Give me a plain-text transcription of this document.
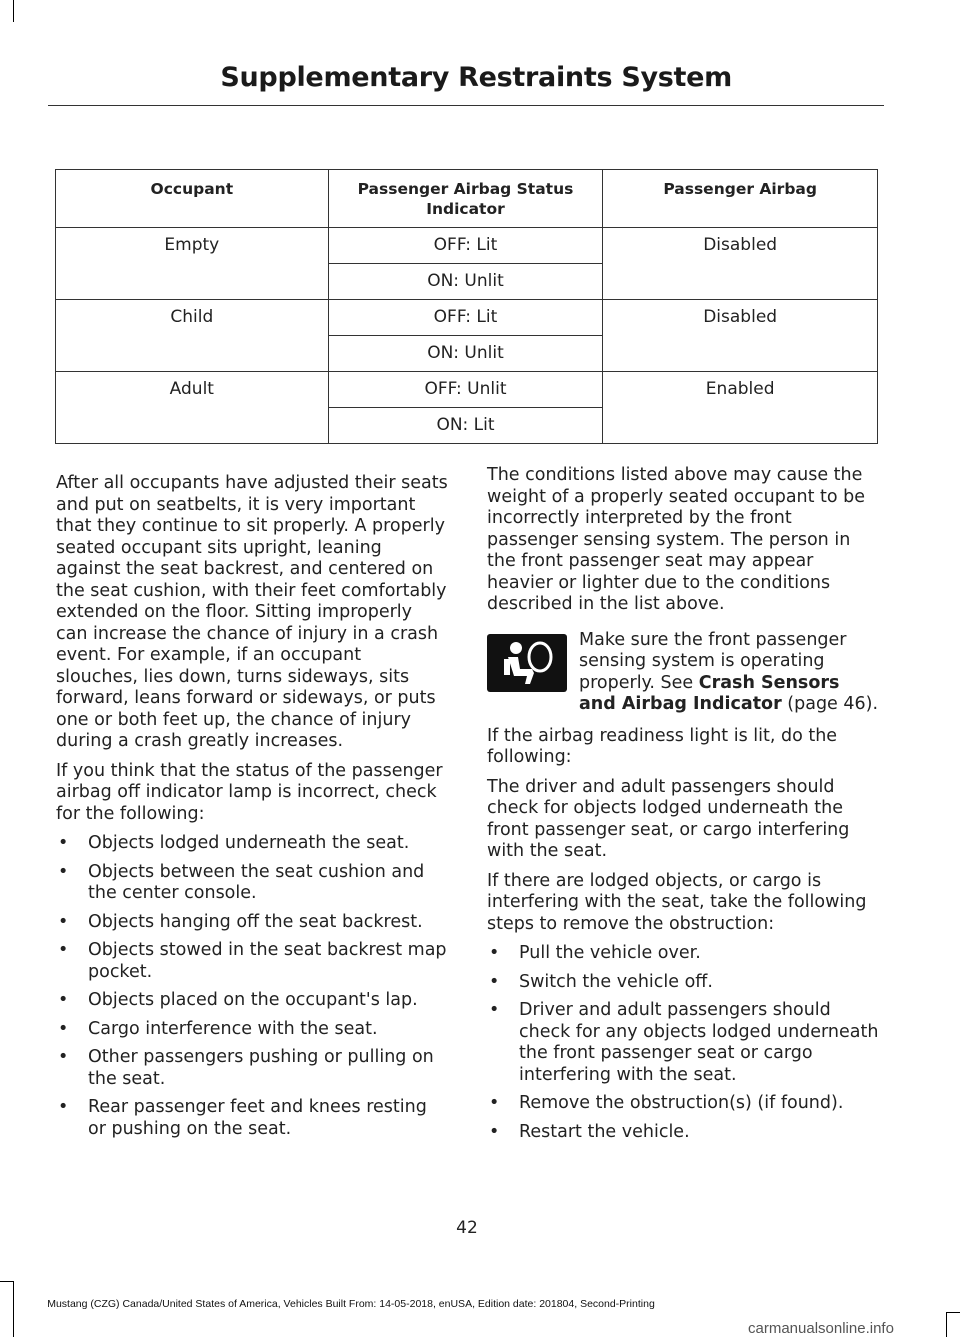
Supplementary Restraints System
Occupant	Passenger Airbag Status Indicator	Passenger Airbag
Empty	OFF: Lit	Disabled
	ON: Unlit	
Child	OFF: Lit	Disabled
	ON: Unlit	
Adult	OFF: Unlit	Enabled
	ON: Lit	

After all occupants have adjusted their seats and put on seatbelts, it is very important that they continue to sit properly. A properly seated occupant sits upright, leaning against the seat backrest, and centered on the seat cushion, with their feet comfortably extended on the floor. Sitting improperly can increase the chance of injury in a crash event. For example, if an occupant slouches, lies down, turns sideways, sits forward, leans forward or sideways, or puts one or both feet up, the chance of injury during a crash greatly increases.

If you think that the status of the passenger airbag off indicator lamp is incorrect, check for the following:

• Objects lodged underneath the seat.
• Objects between the seat cushion and the center console.
• Objects hanging off the seat backrest.
• Objects stowed in the seat backrest map pocket.
• Objects placed on the occupant's lap.
• Cargo interference with the seat.
• Other passengers pushing or pulling on the seat.
• Rear passenger feet and knees resting or pushing on the seat.

The conditions listed above may cause the weight of a properly seated occupant to be incorrectly interpreted by the front passenger sensing system. The person in the front passenger seat may appear heavier or lighter due to the conditions described in the list above.

Make sure the front passenger sensing system is operating properly. See Crash Sensors and Airbag Indicator (page 46).

If the airbag readiness light is lit, do the following:

The driver and adult passengers should check for objects lodged underneath the front passenger seat, or cargo interfering with the seat.

If there are lodged objects, or cargo is interfering with the seat, take the following steps to remove the obstruction:

• Pull the vehicle over.
• Switch the vehicle off.
• Driver and adult passengers should check for any objects lodged underneath the front passenger seat or cargo interfering with the seat.
• Remove the obstruction(s) (if found).
• Restart the vehicle.
42
Mustang (CZG) Canada/United States of America, Vehicles Built From: 14-05-2018, enUSA, Edition date: 201804, Second-Printing
carmanualsonline.info
